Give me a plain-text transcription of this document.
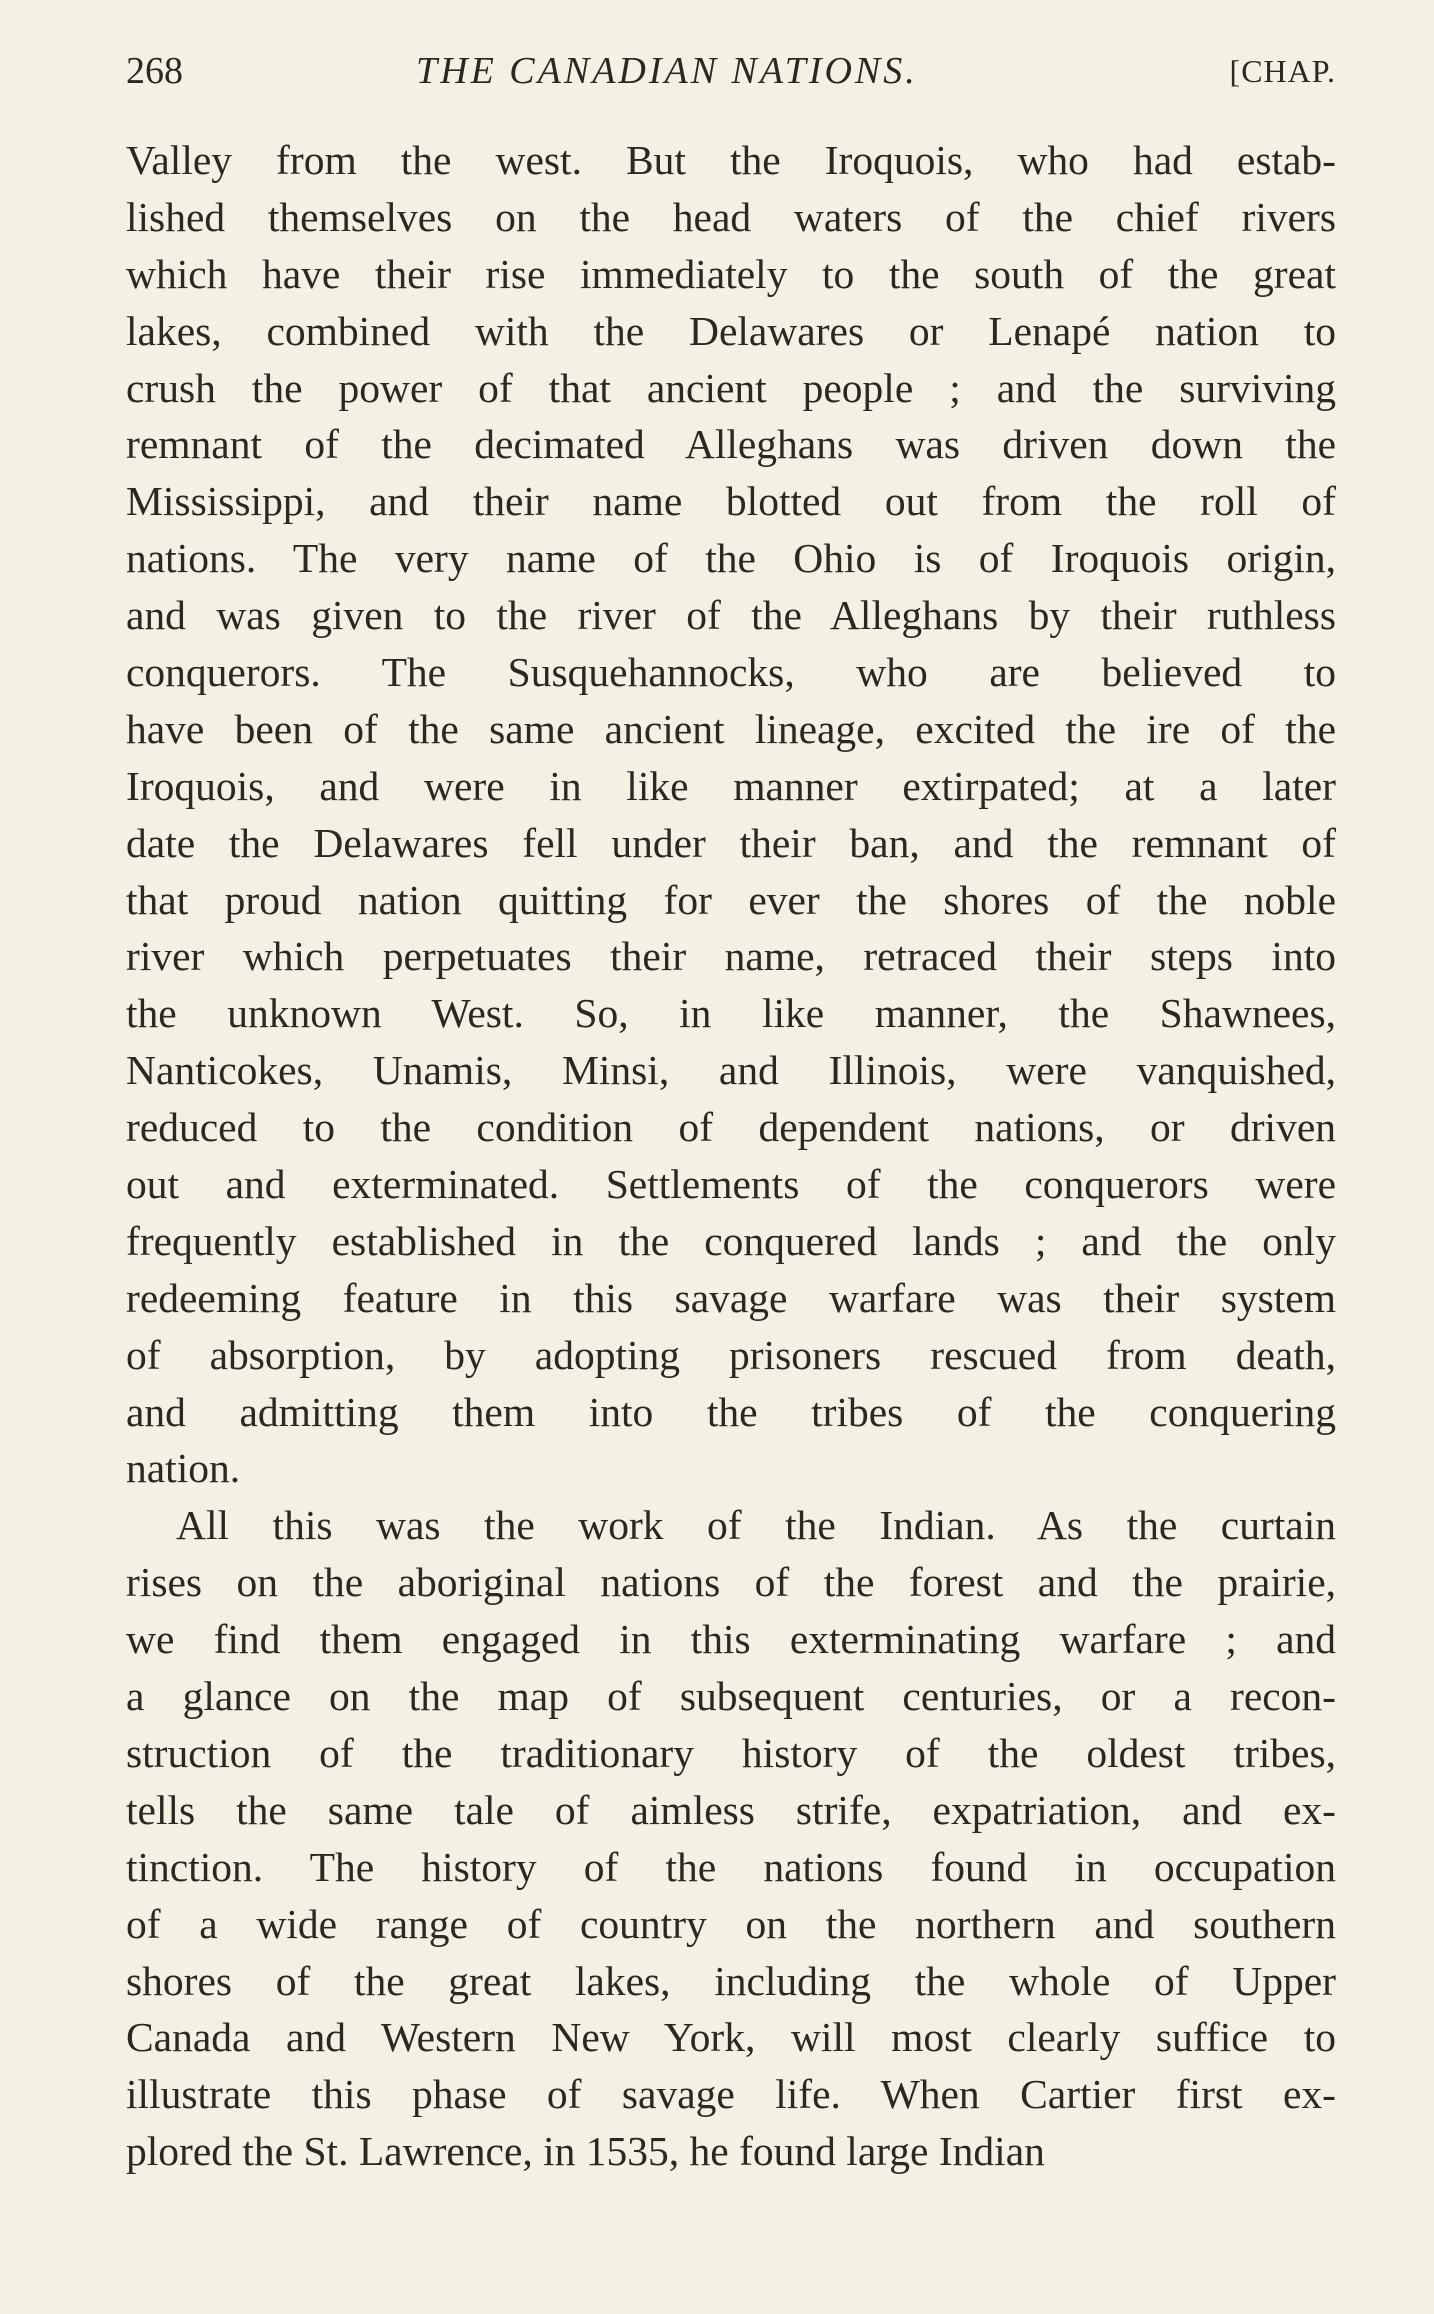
268	THE CANADIAN NATIONS.	[CHAP.
Valley from the west. But the Iroquois, who had estab-
lished themselves on the head waters of the chief rivers
which have their rise immediately to the south of the great
lakes, combined with the Delawares or Lenapé nation to
crush the power of that ancient people ; and the surviving
remnant of the decimated Alleghans was driven down the
Mississippi, and their name blotted out from the roll of
nations. The very name of the Ohio is of Iroquois origin,
and was given to the river of the Alleghans by their ruthless
conquerors. The Susquehannocks, who are believed to
have been of the same ancient lineage, excited the ire of the
Iroquois, and were in like manner extirpated; at a later
date the Delawares fell under their ban, and the remnant of
that proud nation quitting for ever the shores of the noble
river which perpetuates their name, retraced their steps into
the unknown West. So, in like manner, the Shawnees,
Nanticokes, Unamis, Minsi, and Illinois, were vanquished,
reduced to the condition of dependent nations, or driven
out and exterminated. Settlements of the conquerors were
frequently established in the conquered lands ; and the only
redeeming feature in this savage warfare was their system
of absorption, by adopting prisoners rescued from death,
and admitting them into the tribes of the conquering
nation.
All this was the work of the Indian. As the curtain
rises on the aboriginal nations of the forest and the prairie,
we find them engaged in this exterminating warfare ; and
a glance on the map of subsequent centuries, or a recon-
struction of the traditionary history of the oldest tribes,
tells the same tale of aimless strife, expatriation, and ex-
tinction. The history of the nations found in occupation
of a wide range of country on the northern and southern
shores of the great lakes, including the whole of Upper
Canada and Western New York, will most clearly suffice to
illustrate this phase of savage life. When Cartier first ex-
plored the St. Lawrence, in 1535, he found large Indian
